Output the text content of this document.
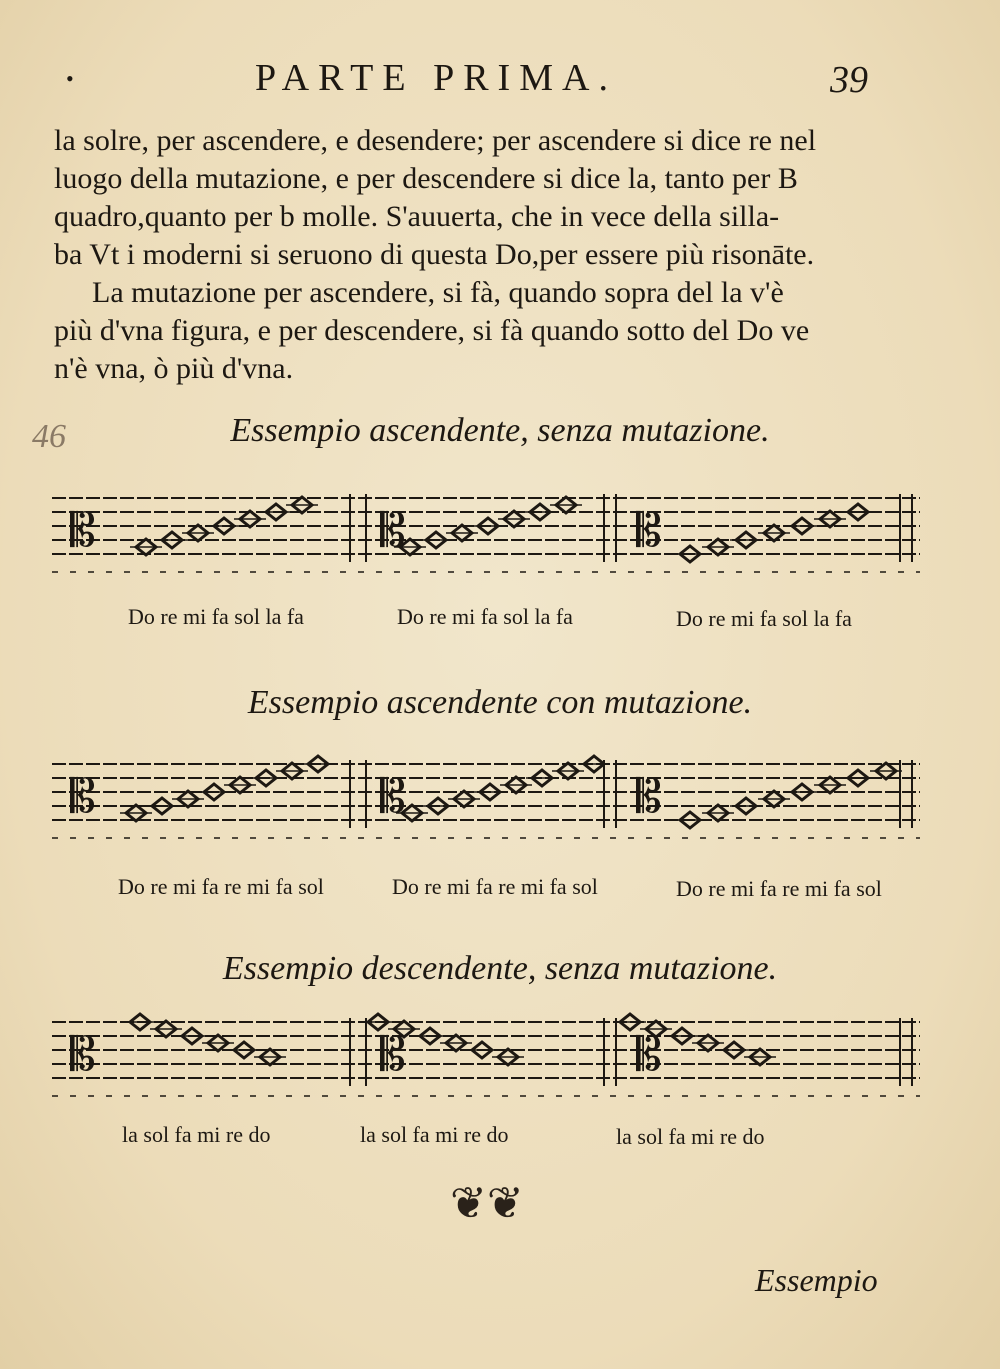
•	PARTE PRIMA.	39

la solre, per ascendere, e desendere; per ascendere si dice re nel

luogo della mutazione, e per descendere si dice la, tanto per B

quadro,quanto per b molle. S'auuerta, che in vece della silla-

ba Vt i moderni si seruono di questa Do,per essere più risonāte.

La mutazione per ascendere, si fà, quando sopra del la v'è

più d'vna figura, e per descendere, si fà quando sotto del Do ve

n'è vna, ò più d'vna.

46	Essempio ascendente, senza mutazione.
𝄡	𝄡	𝄡
Do re mi fa sol la fa	Do re mi fa sol la fa	Do re mi fa sol la fa
Essempio ascendente con mutazione.
𝄡	𝄡	𝄡
Do re mi fa re mi fa sol	Do re mi fa re mi fa sol	Do re mi fa re mi fa sol
Essempio descendente, senza mutazione.
𝄡	𝄡	𝄡
la sol fa mi re do	la sol fa mi re do	la sol fa mi re do
❦❦
Essempio
